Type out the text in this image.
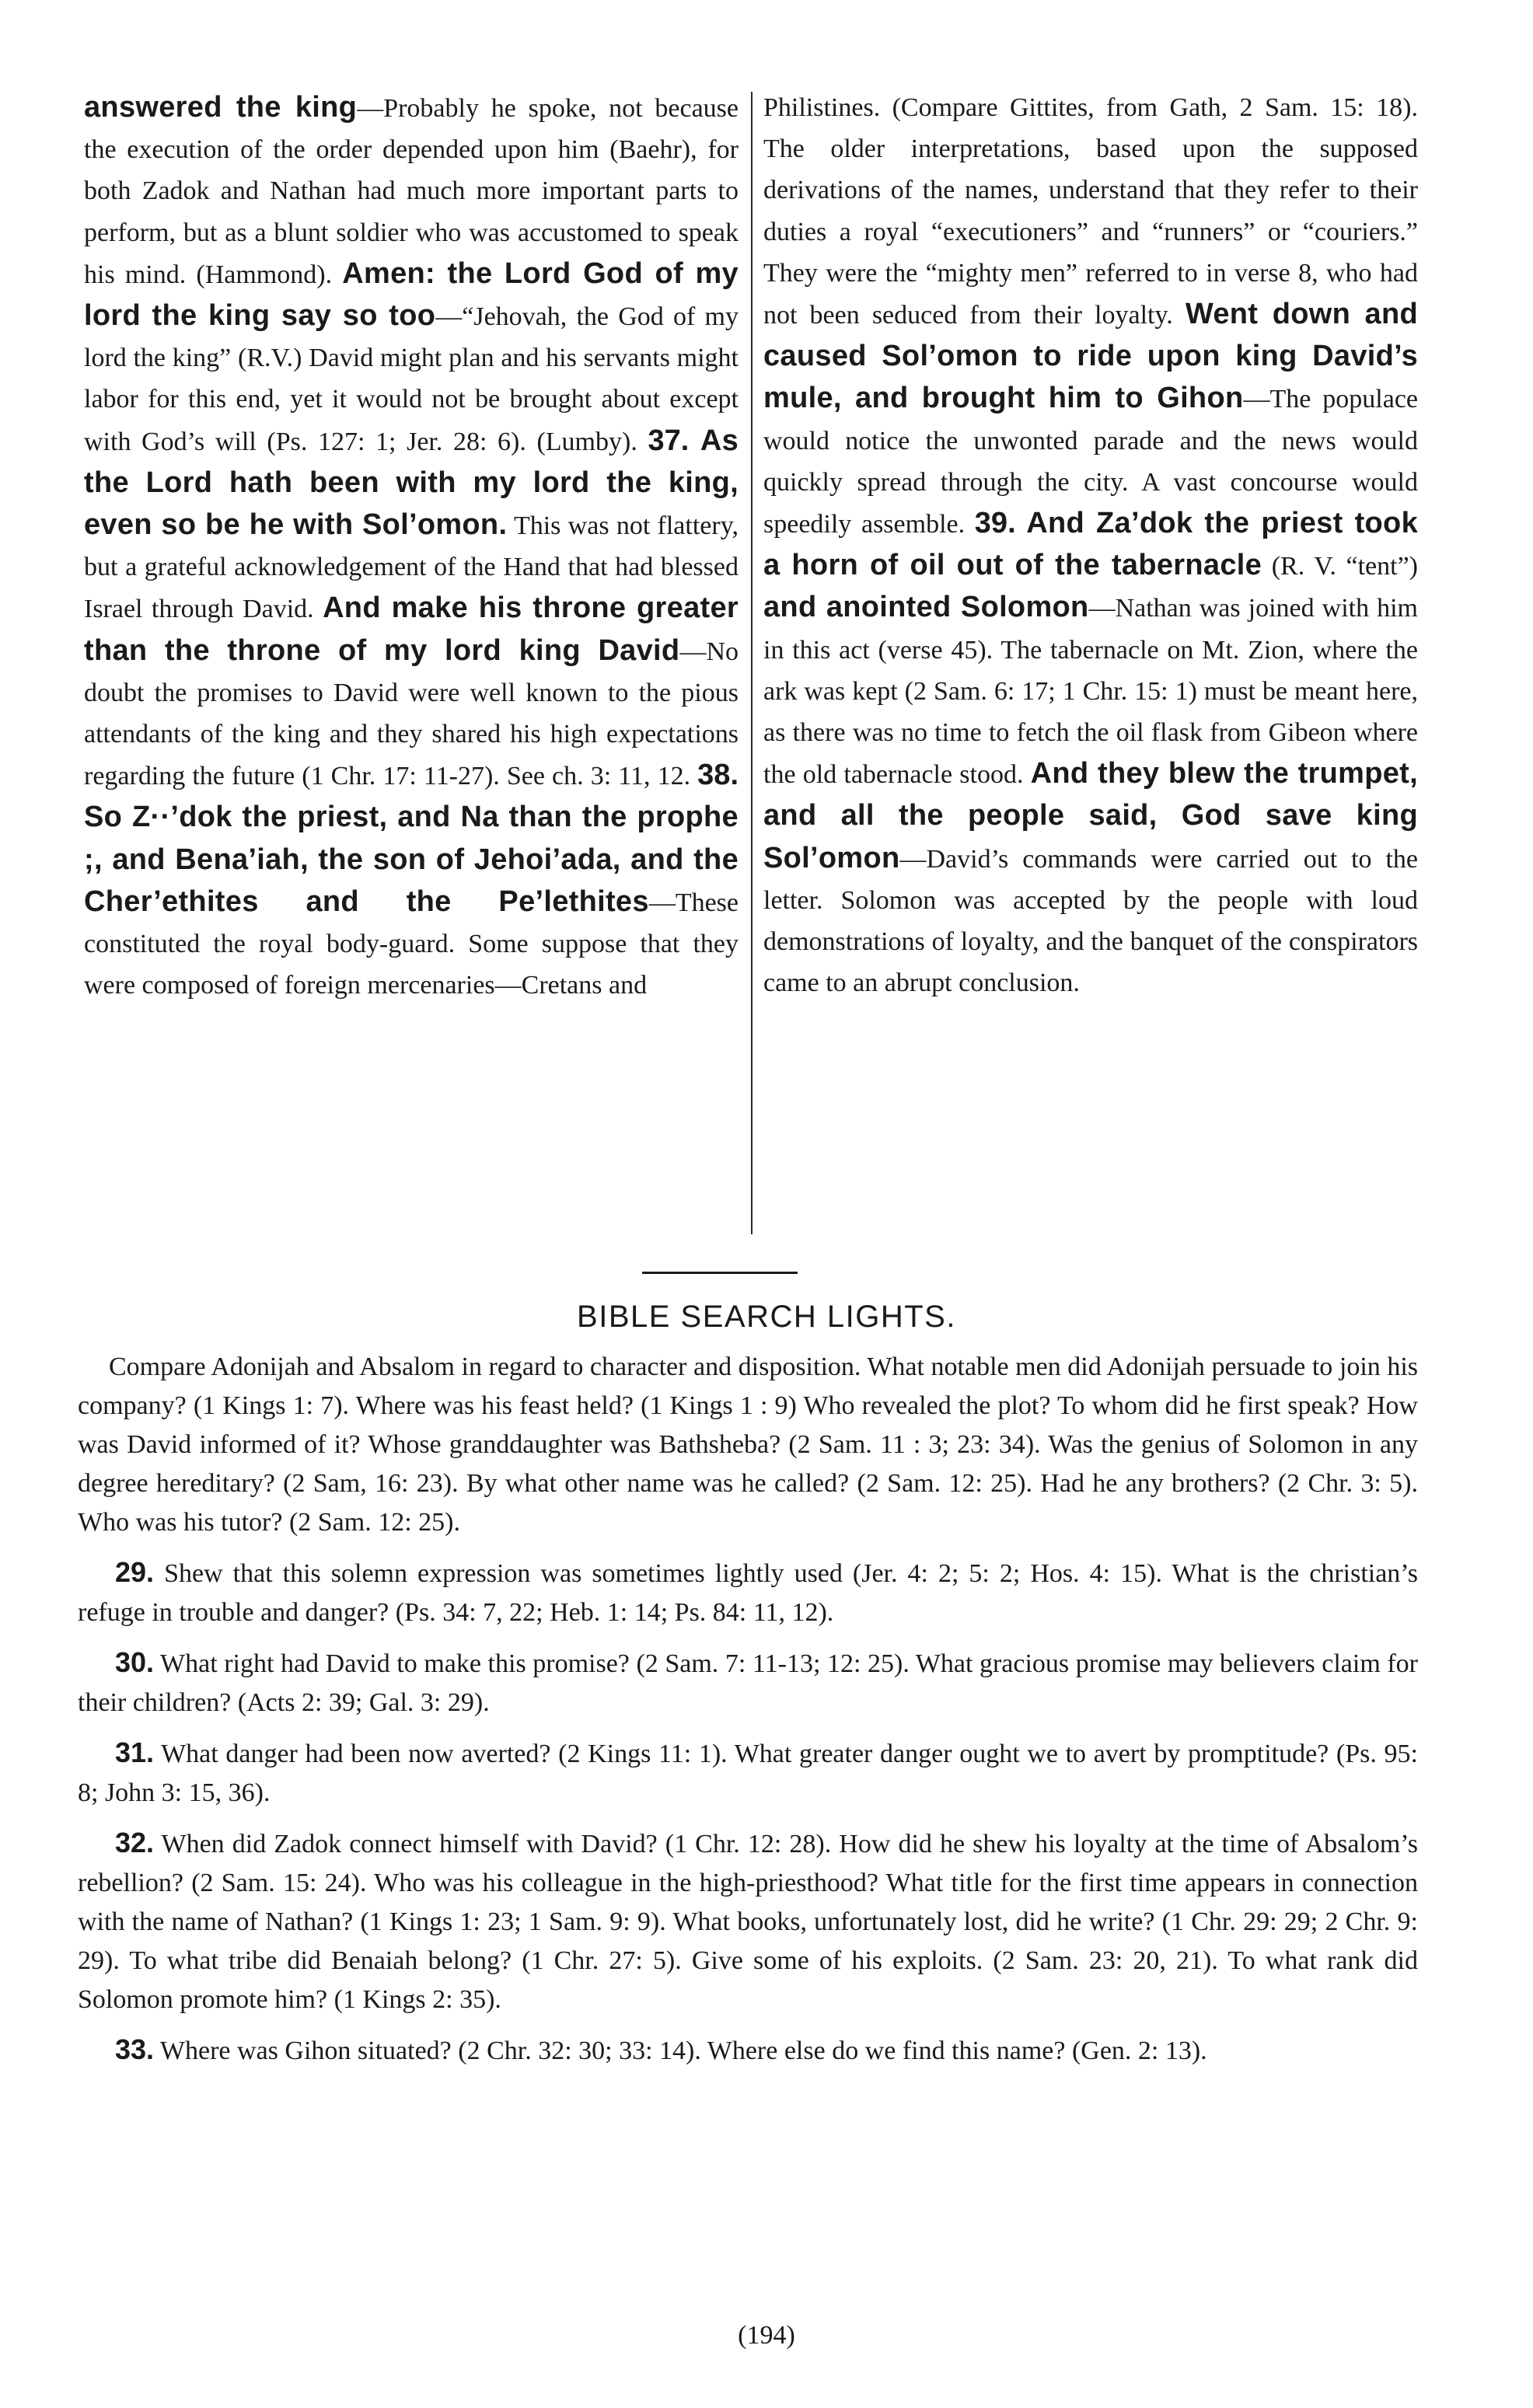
answered the king—Probably he spoke, not because the execution of the order depended upon him (Baehr), for both Zadok and Nathan had much more important parts to perform, but as a blunt soldier who was accustomed to speak his mind. (Hammond). Amen: the Lord God of my lord the king say so too—“Jehovah, the God of my lord the king” (R.V.) David might plan and his servants might labor for this end, yet it would not be brought about except with God’s will (Ps. 127: 1; Jer. 28: 6). (Lumby). 37. As the Lord hath been with my lord the king, even so be he with Sol’omon. This was not flattery, but a grateful acknowledgement of the Hand that had blessed Israel through David. And make his throne greater than the throne of my lord king David—No doubt the promises to David were well known to the pious attendants of the king and they shared his high expectations regarding the future (1 Chr. 17: 11-27). See ch. 3: 11, 12. 38. So Z··’dok the priest, and Na than the prophe ;, and Bena’iah, the son of Jehoi’ada, and the Cher’ethites and the Pe’lethites—These constituted the royal body-guard. Some suppose that they were composed of foreign mercenaries—Cretans and
Philistines. (Compare Gittites, from Gath, 2 Sam. 15: 18). The older interpretations, based upon the supposed derivations of the names, understand that they refer to their duties a royal “executioners” and “runners” or “couriers.” They were the “mighty men” referred to in verse 8, who had not been seduced from their loyalty. Went down and caused Sol’omon to ride upon king David’s mule, and brought him to Gihon—The populace would notice the unwonted parade and the news would quickly spread through the city. A vast concourse would speedily assemble. 39. And Za’dok the priest took a horn of oil out of the tabernacle (R. V. “tent”) and anointed Solomon—Nathan was joined with him in this act (verse 45). The tabernacle on Mt. Zion, where the ark was kept (2 Sam. 6: 17; 1 Chr. 15: 1) must be meant here, as there was no time to fetch the oil flask from Gibeon where the old tabernacle stood. And they blew the trumpet, and all the people said, God save king Sol’omon—David’s commands were carried out to the letter. Solomon was accepted by the people with loud demonstrations of loyalty, and the banquet of the conspirators came to an abrupt conclusion.
BIBLE SEARCH LIGHTS.

Compare Adonijah and Absalom in regard to character and disposition. What notable men did Adonijah persuade to join his company? (1 Kings 1: 7). Where was his feast held? (1 Kings 1 : 9) Who revealed the plot? To whom did he first speak? How was David informed of it? Whose granddaughter was Bathsheba? (2 Sam. 11 : 3; 23: 34). Was the genius of Solomon in any degree hereditary? (2 Sam, 16: 23). By what other name was he called? (2 Sam. 12: 25). Had he any brothers? (2 Chr. 3: 5). Who was his tutor? (2 Sam. 12: 25).

29. Shew that this solemn expression was sometimes lightly used (Jer. 4: 2; 5: 2; Hos. 4: 15). What is the christian’s refuge in trouble and danger? (Ps. 34: 7, 22; Heb. 1: 14; Ps. 84: 11, 12).

30. What right had David to make this promise? (2 Sam. 7: 11-13; 12: 25). What gracious promise may believers claim for their children? (Acts 2: 39; Gal. 3: 29).

31. What danger had been now averted? (2 Kings 11: 1). What greater danger ought we to avert by promptitude? (Ps. 95: 8; John 3: 15, 36).

32. When did Zadok connect himself with David? (1 Chr. 12: 28). How did he shew his loyalty at the time of Absalom’s rebellion? (2 Sam. 15: 24). Who was his colleague in the high-priesthood? What title for the first time appears in connection with the name of Nathan? (1 Kings 1: 23; 1 Sam. 9: 9). What books, unfortunately lost, did he write? (1 Chr. 29: 29; 2 Chr. 9: 29). To what tribe did Benaiah belong? (1 Chr. 27: 5). Give some of his exploits. (2 Sam. 23: 20, 21). To what rank did Solomon promote him? (1 Kings 2: 35).

33. Where was Gihon situated? (2 Chr. 32: 30; 33: 14). Where else do we find this name? (Gen. 2: 13).

(194)
